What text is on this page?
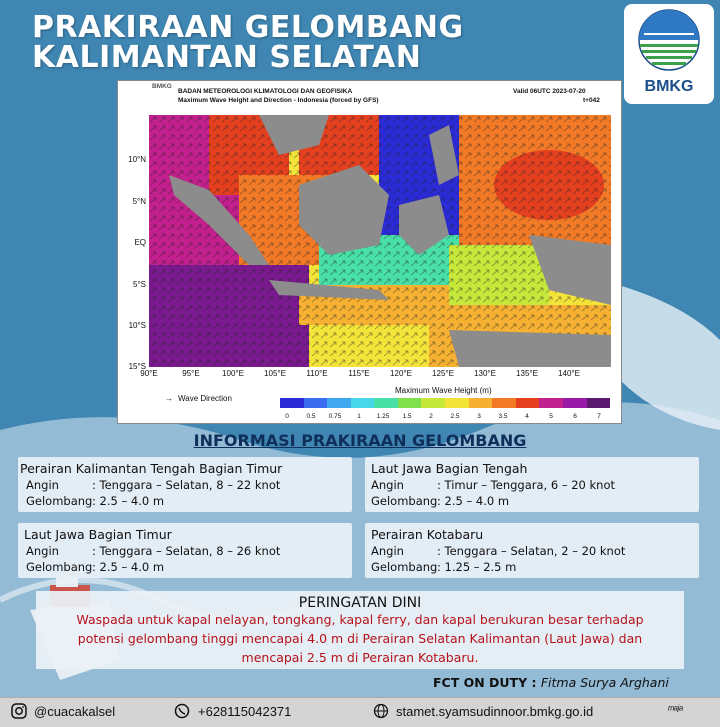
PRAKIRAAN GELOMBANG
KALIMANTAN SELATAN
BMKG
BMKG
BADAN METEOROLOGI KLIMATOLOGI DAN GEOFISIKA
Maximum Wave Height and Direction - Indonesia (forced by GFS)
Valid 06UTC 2023-07-20
t+042
10°N
5°N
EQ
5°S
10°S
15°S
90°E	95°E	100°E	105°E	110°E	115°E	120°E	125°E	130°E	135°E	140°E
→ Wave Direction
Maximum Wave Height (m)
0	0.5 0.75 1 1.25 1.5	2	2.5	3	3.5	4	5	6	7
INFORMASI PRAKIRAAN GELOMBANG
Perairan Kalimantan Tengah Bagian Timur
Angin	: Tenggara – Selatan, 8 – 22 knot
Gelombang : 2.5 – 4.0 m
Laut Jawa Bagian Tengah
Angin	: Timur – Tenggara, 6 – 20 knot
Gelombang : 2.5 – 4.0 m
Laut Jawa Bagian Timur
Angin	: Tenggara – Selatan, 8 – 26 knot
Gelombang : 2.5 – 4.0 m
Perairan Kotabaru
Angin	: Tenggara – Selatan, 2 – 20 knot
Gelombang : 1.25 – 2.5 m
PERINGATAN DINI
Waspada untuk kapal nelayan, tongkang, kapal ferry, dan kapal berukuran besar terhadap
potensi gelombang tinggi mencapai 4.0 m di Perairan Selatan Kalimantan (Laut Jawa) dan
mencapai 2.5 m di Perairan Kotabaru.
FCT ON DUTY : Fitma Surya Arghani
@cuacakalsel	+628115042371	stamet.syamsudinnoor.bmkg.go.id	ᵐᵃʲᵃ
